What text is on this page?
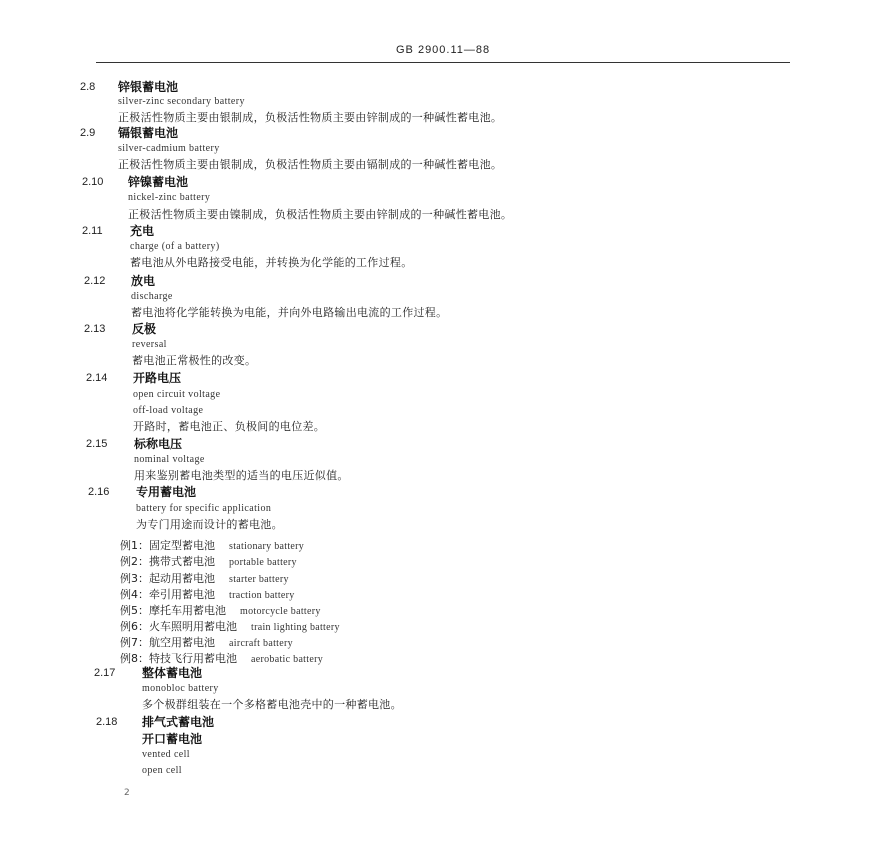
GB 2900.11—88
2.8 锌银蓄电池
silver-zinc secondary battery
正极活性物质主要由银制成，负极活性物质主要由锌制成的一种碱性蓄电池。
2.9 镉银蓄电池
silver-cadmium battery
正极活性物质主要由银制成，负极活性物质主要由镉制成的一种碱性蓄电池。
2.10 锌镍蓄电池
nickel-zinc battery
正极活性物质主要由镍制成，负极活性物质主要由锌制成的一种碱性蓄电池。
2.11 充电
charge (of a battery)
蓄电池从外电路接受电能，并转换为化学能的工作过程。
2.12 放电
discharge
蓄电池将化学能转换为电能，并向外电路输出电流的工作过程。
2.13 反极
reversal
蓄电池正常极性的改变。
2.14 开路电压
open circuit voltage
off-load voltage
开路时，蓄电池正、负极间的电位差。
2.15 标称电压
nominal voltage
用来鉴别蓄电池类型的适当的电压近似值。
2.16 专用蓄电池
battery for specific application
为专门用途而设计的蓄电池。
例1：固定型蓄电池 stationary battery
例2：携带式蓄电池 portable battery
例3：起动用蓄电池 starter battery
例4：牵引用蓄电池 traction battery
例5：摩托车用蓄电池 motorcycle battery
例6：火车照明用蓄电池 train lighting battery
例7：航空用蓄电池 aircraft battery
例8：特技飞行用蓄电池 aerobatic battery
2.17 整体蓄电池
monobloc battery
多个极群组装在一个多格蓄电池壳中的一种蓄电池。
2.18 排气式蓄电池
开口蓄电池
vented cell
open cell
2
